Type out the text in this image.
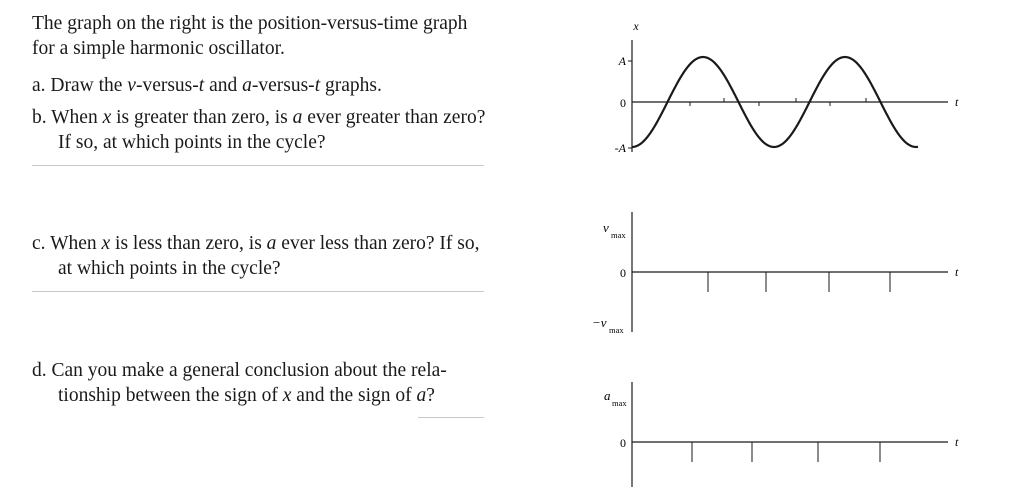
The graph on the right is the position-versus-time graph
for a simple harmonic oscillator.
a. Draw the v-versus-t and a-versus-t graphs.
b. When x is greater than zero, is a ever greater than zero?
If so, at which points in the cycle?
c. When x is less than zero, is a ever less than zero? If so,
at which points in the cycle?
d. Can you make a general conclusion about the rela-
tionship between the sign of x and the sign of a?
x
t
A
0
-A
v max
0	t
−v max
a max
0	t
